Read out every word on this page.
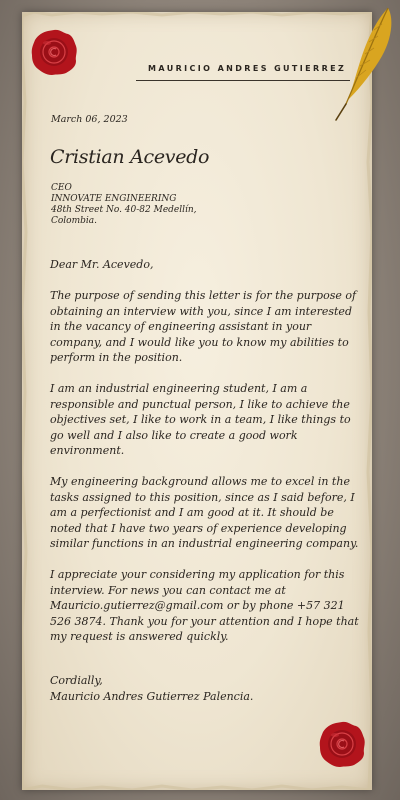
MAURICIO ANDRES GUTIERREZ
March 06, 2023
Cristian Acevedo
CEO
INNOVATE ENGINEERING
48th Street No. 40-82 Medellín,
Colombia.

Dear Mr. Acevedo,

The purpose of sending this letter is for the purpose of obtaining an interview with you, since I am interested in the vacancy of engineering assistant in your company, and I would like you to know my abilities to perform in the position.

I am an industrial engineering student, I am a responsible and punctual person, I like to achieve the objectives set, I like to work in a team, I like things to go well and I also like to create a good work environment.

My engineering background allows me to excel in the tasks assigned to this position, since as I said before, I am a perfectionist and I am good at it. It should be noted that I have two years of experience developing similar functions in an industrial engineering company.

I appreciate your considering my application for this interview. For news you can contact me at Mauricio.gutierrez@gmail.com or by phone +57 321 526 3874. Thank you for your attention and I hope that my request is answered quickly.

Cordially,
Mauricio Andres Gutierrez Palencia.
